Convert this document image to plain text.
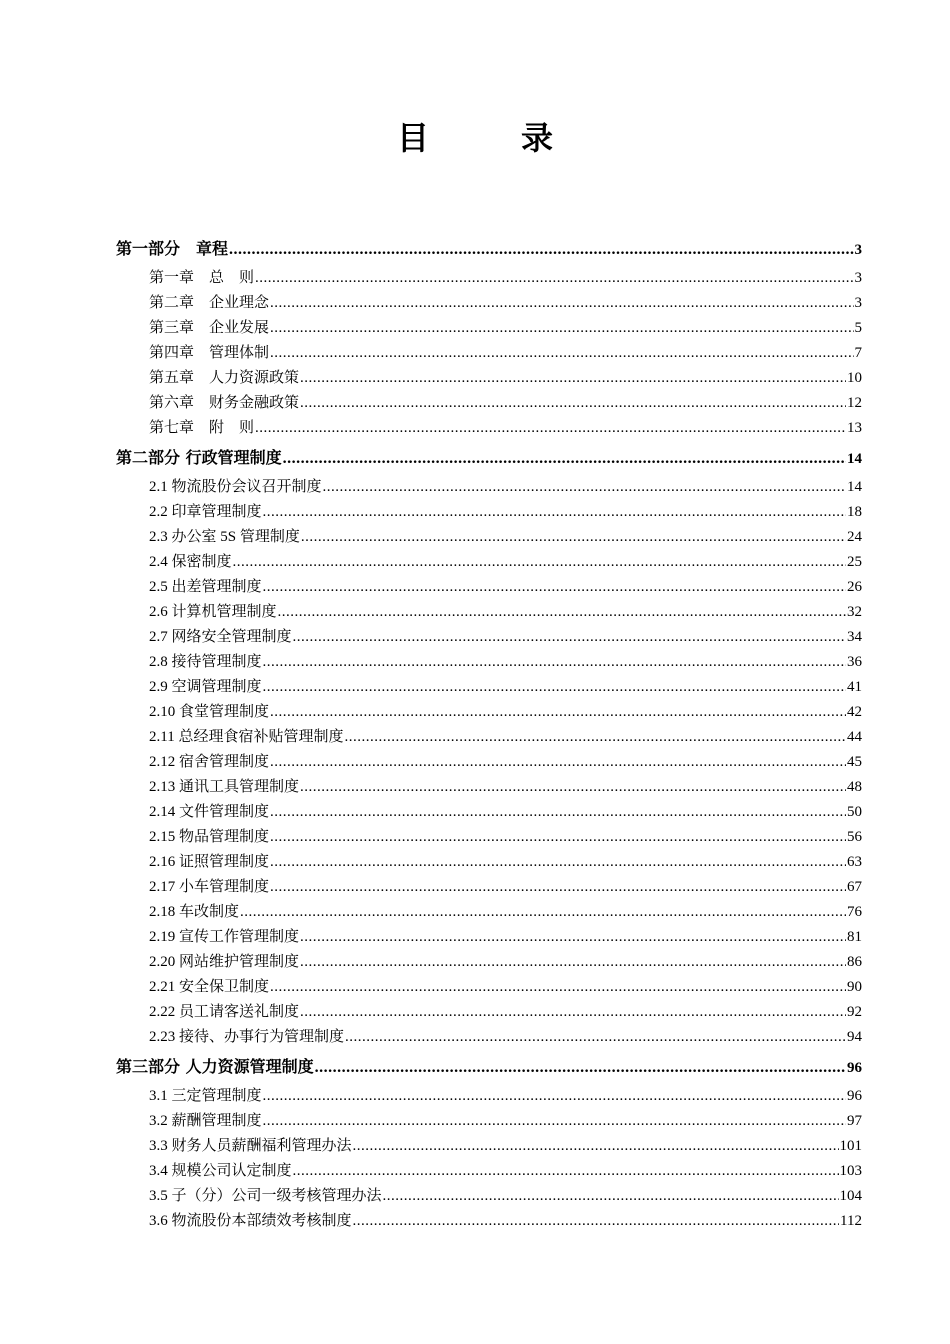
目　录
第一部分　章程 .....	3
第一章　总　则 .....	3
第二章　企业理念 .....	3
第三章　企业发展 .....	5
第四章　管理体制 .....	7
第五章　人力资源政策 .....	10
第六章　财务金融政策 .....	12
第七章　附　则 .....	13
第二部分 行政管理制度 .....	14
2.1 物流股份会议召开制度 .....	14
2.2 印章管理制度 .....	18
2.3 办公室 5S 管理制度 .....	24
2.4 保密制度 .....	25
2.5 出差管理制度 .....	26
2.6 计算机管理制度 .....	32
2.7 网络安全管理制度 .....	34
2.8 接待管理制度 .....	36
2.9 空调管理制度 .....	41
2.10 食堂管理制度 .....	42
2.11 总经理食宿补贴管理制度 .....	44
2.12 宿舍管理制度 .....	45
2.13 通讯工具管理制度 .....	48
2.14 文件管理制度 .....	50
2.15 物品管理制度 .....	56
2.16 证照管理制度 .....	63
2.17 小车管理制度 .....	67
2.18 车改制度 .....	76
2.19 宣传工作管理制度 .....	81
2.20 网站维护管理制度 .....	86
2.21 安全保卫制度 .....	90
2.22 员工请客送礼制度 .....	92
2.23 接待、办事行为管理制度 .....	94
第三部分 人力资源管理制度 .....	96
3.1 三定管理制度 .....	96
3.2 薪酬管理制度 .....	97
3.3 财务人员薪酬福利管理办法 .....	101
3.4 规模公司认定制度 .....	103
3.5 子（分）公司一级考核管理办法 .....	104
3.6 物流股份本部绩效考核制度 .....	112
